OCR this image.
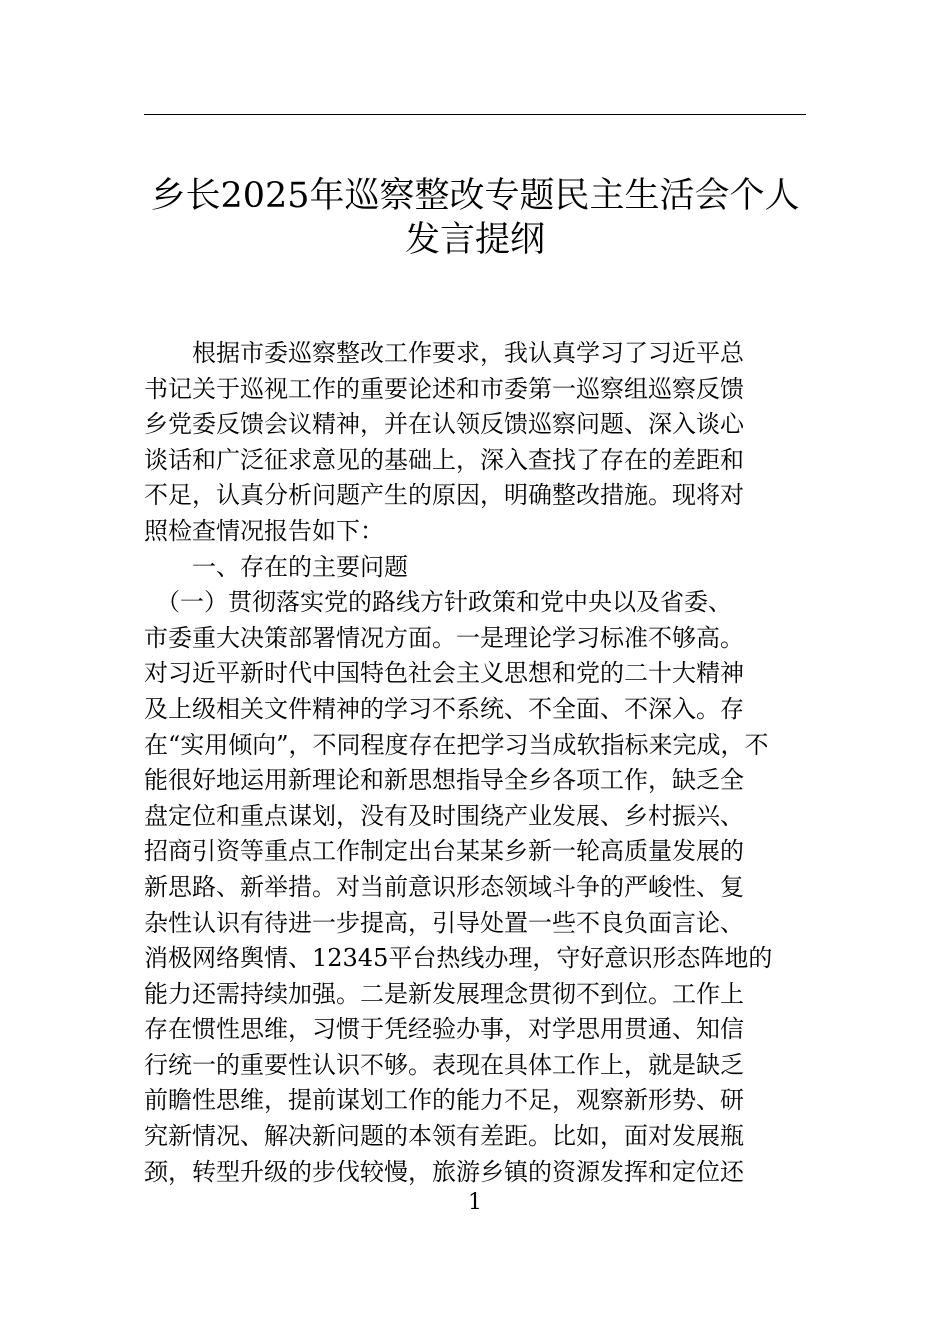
乡长2025年巡察整改专题民主生活会个人
发言提纲
　　根据市委巡察整改工作要求，我认真学习了习近平总
书记关于巡视工作的重要论述和市委第一巡察组巡察反馈
乡党委反馈会议精神，并在认领反馈巡察问题、深入谈心
谈话和广泛征求意见的基础上，深入查找了存在的差距和
不足，认真分析问题产生的原因，明确整改措施。现将对
照检查情况报告如下：
　　一、存在的主要问题
　（一）贯彻落实党的路线方针政策和党中央以及省委、
市委重大决策部署情况方面。一是理论学习标准不够高。
对习近平新时代中国特色社会主义思想和党的二十大精神
及上级相关文件精神的学习不系统、不全面、不深入。存
在“实用倾向”，不同程度存在把学习当成软指标来完成，不
能很好地运用新理论和新思想指导全乡各项工作，缺乏全
盘定位和重点谋划，没有及时围绕产业发展、乡村振兴、
招商引资等重点工作制定出台某某乡新一轮高质量发展的
新思路、新举措。对当前意识形态领域斗争的严峻性、复
杂性认识有待进一步提高，引导处置一些不良负面言论、
消极网络舆情、12345平台热线办理，守好意识形态阵地的
能力还需持续加强。二是新发展理念贯彻不到位。工作上
存在惯性思维，习惯于凭经验办事，对学思用贯通、知信
行统一的重要性认识不够。表现在具体工作上，就是缺乏
前瞻性思维，提前谋划工作的能力不足，观察新形势、研
究新情况、解决新问题的本领有差距。比如，面对发展瓶
颈，转型升级的步伐较慢，旅游乡镇的资源发挥和定位还
1
